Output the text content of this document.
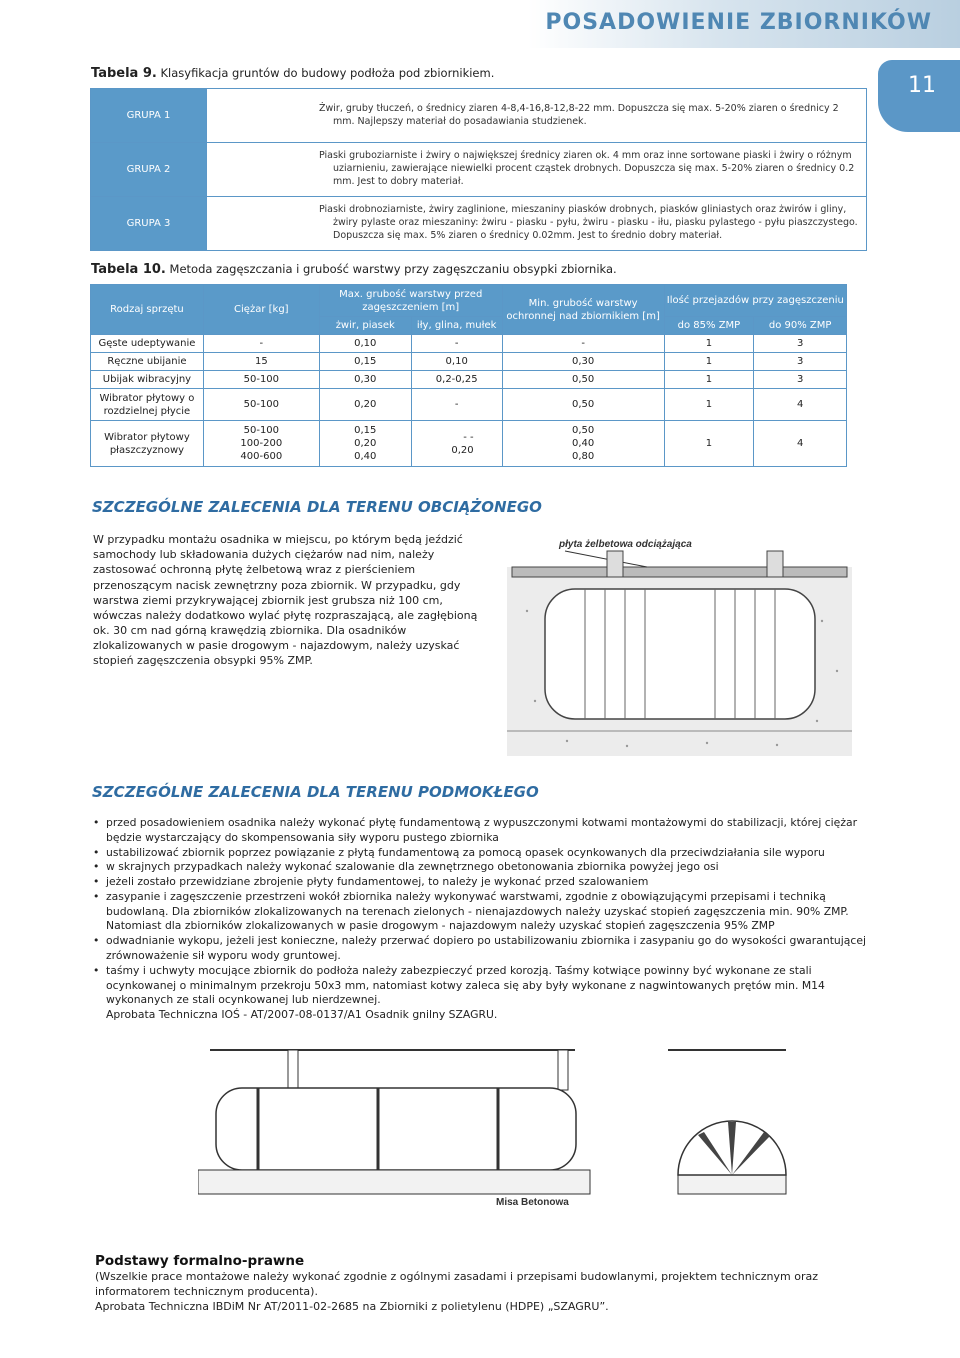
POSADOWIENIE ZBIORNIKÓW
11
Tabela 9. Klasyfikacja gruntów do budowy podłoża pod zbiornikiem.
GRUPA 1	Żwir, gruby tłuczeń, o średnicy ziaren 4-8,4-16,8-12,8-22 mm. Dopuszcza się max. 5-20% ziaren o średnicy 2 mm. Najlepszy materiał do posadawiania studzienek.
GRUPA 2	Piaski gruboziarniste i żwiry o największej średnicy ziaren ok. 4 mm oraz inne sortowane piaski i żwiry o różnym uziarnieniu, zawierające niewielki procent cząstek drobnych. Dopuszcza się max. 5-20% ziaren o średnicy 0.2 mm. Jest to dobry materiał.
GRUPA 3	Piaski drobnoziarniste, żwiry zaglinione, mieszaniny piasków drobnych, piasków gliniastych oraz żwirów i gliny, żwiry pylaste oraz mieszaniny: żwiru - piasku - pyłu, żwiru - piasku - iłu, piasku pylastego - pyłu piaszczystego. Dopuszcza się max. 5% ziaren o średnicy 0.02mm. Jest to średnio dobry materiał.
Tabela 10. Metoda zagęszczania i grubość warstwy przy zagęszczaniu obsypki zbiornika.
Rodzaj sprzętu	Ciężar [kg]	Max. grubość warstwy przed zagęszczeniem [m]		Min. grubość warstwy ochronnej nad zbiornikiem [m]	Ilość przejazdów przy zagęszczeniu	
		żwir, piasek	iły, glina, mułek		do 85% ZMP	do 90% ZMP
Gęste udeptywanie	-	0,10	-	-	1	3
Ręczne ubijanie	15	0,15	0,10	0,30	1	3
Ubijak wibracyjny	50-100	0,30	0,2-0,25	0,50	1	3
Wibrator płytowy o rozdzielnej płycie	50-100	0,20	-	0,50	1	4
Wibrator płytowy płaszczyznowy	50-100 100-200 400-600	0,15 0,20 0,40	- - 0,20	0,50 0,40 0,80	1	4
SZCZEGÓLNE ZALECENIA DLA TERENU OBCIĄŻONEGO
W przypadku montażu osadnika w miejscu, po którym będą jeździć samochody lub składowania dużych ciężarów nad nim, należy zastosować ochronną płytę żelbetową wraz z pierścieniem przenoszącym nacisk zewnętrzny poza zbiornik. W przypadku, gdy warstwa ziemi przykrywającej zbiornik jest grubsza niż 100 cm, wówczas należy dodatkowo wylać płytę rozpraszającą, ale zagłębioną ok. 30 cm nad górną krawędzią zbiornika. Dla osadników zlokalizowanych w pasie drogowym - najazdowym, należy uzyskać stopień zagęszczenia obsypki 95% ZMP.
płyta żelbetowa odciążająca
SZCZEGÓLNE ZALECENIA DLA TERENU PODMOKŁEGO
• przed posadowieniem osadnika należy wykonać płytę fundamentową z wypuszczonymi kotwami montażowymi do stabilizacji, której ciężar będzie wystarczający do skompensowania siły wyporu pustego zbiornika
• ustabilizować zbiornik poprzez powiązanie z płytą fundamentową za pomocą opasek ocynkowanych dla przeciwdziałania sile wyporu
• w skrajnych przypadkach należy wykonać szalowanie dla zewnętrznego obetonowania zbiornika powyżej jego osi
• jeżeli zostało przewidziane zbrojenie płyty fundamentowej, to należy je wykonać przed szalowaniem
• zasypanie i zagęszczenie przestrzeni wokół zbiornika należy wykonywać warstwami, zgodnie z obowiązującymi przepisami i techniką budowlaną. Dla zbiorników zlokalizowanych na terenach zielonych - nienajazdowych należy uzyskać stopień zagęszczenia min. 90% ZMP. Natomiast dla zbiorników zlokalizowanych w pasie drogowym - najazdowym należy uzyskać stopień zagęszczenia 95% ZMP
• odwadnianie wykopu, jeżeli jest konieczne, należy przerwać dopiero po ustabilizowaniu zbiornika i zasypaniu go do wysokości gwarantującej zrównoważenie sił wyporu wody gruntowej.
• taśmy i uchwyty mocujące zbiornik do podłoża należy zabezpieczyć przed korozją. Taśmy kotwiące powinny być wykonane ze stali ocynkowanej o minimalnym przekroju 50x3 mm, natomiast kotwy zaleca się aby były wykonane z nagwintowanych prętów min. M14 wykonanych ze stali ocynkowanej lub nierdzewnej.
Aprobata Techniczna IOŚ - AT/2007-08-0137/A1 Osadnik gnilny SZAGRU.
Misa Betonowa
Podstawy formalno-prawne
(Wszelkie prace montażowe należy wykonać zgodnie z ogólnymi zasadami i przepisami budowlanymi, projektem technicznym oraz informatorem technicznym producenta).
Aprobata Techniczna IBDiM Nr AT/2011-02-2685 na Zbiorniki z polietylenu (HDPE) „SZAGRU”.
